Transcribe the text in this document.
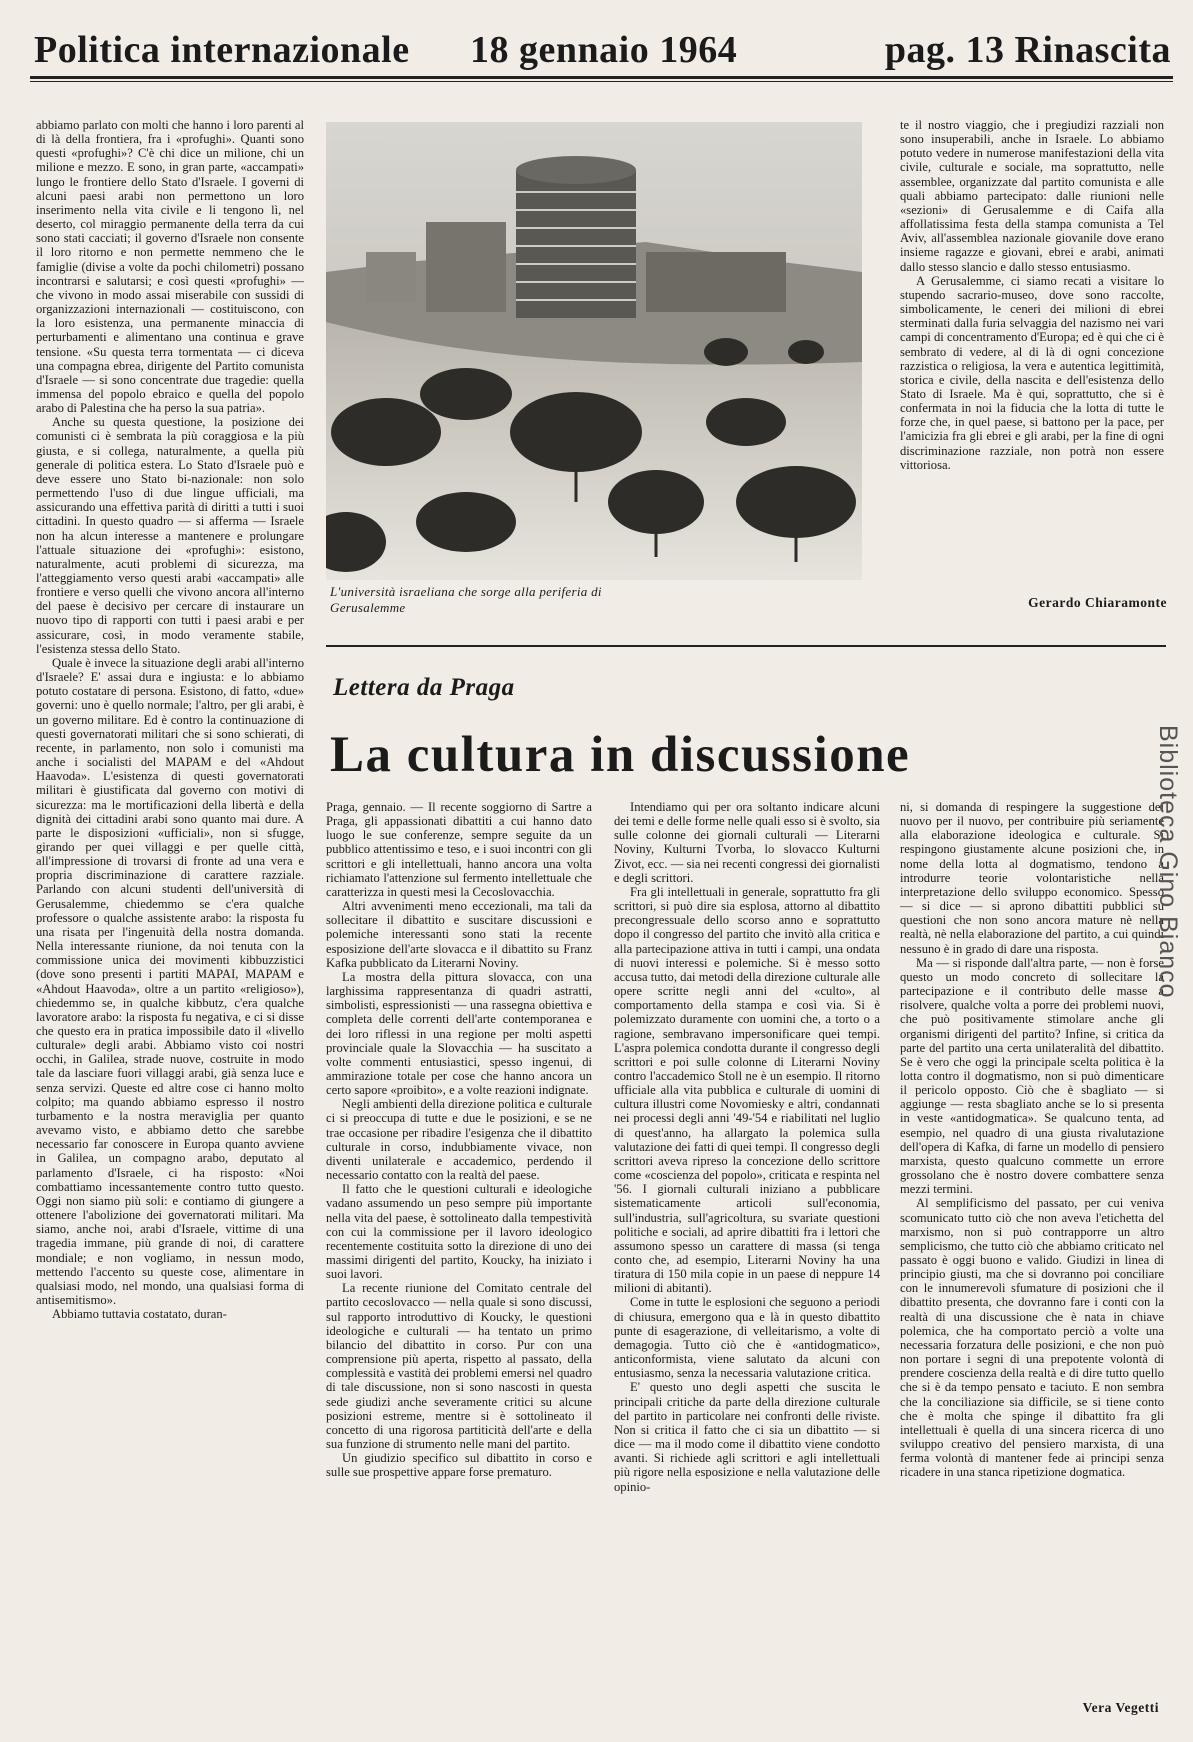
Politica internazionale 18 gennaio 1964	pag. 13 Rinascita

abbiamo parlato con molti che hanno i loro parenti al di là della frontiera, fra i «profughi». Quanti sono questi «profughi»? C'è chi dice un milione, chi un milione e mezzo. E sono, in gran parte, «accampati» lungo le frontiere dello Stato d'Israele. I governi di alcuni paesi arabi non permettono un loro inserimento nella vita civile e li tengono lì, nel deserto, col miraggio permanente della terra da cui sono stati cacciati; il governo d'Israele non consente il loro ritorno e non permette nemmeno che le famiglie (divise a volte da pochi chilometri) possano incontrarsi e salutarsi; e così questi «profughi» — che vivono in modo assai miserabile con sussidi di organizzazioni internazionali — costituiscono, con la loro esistenza, una permanente minaccia di perturbamenti e alimentano una continua e grave tensione. «Su questa terra tormentata — ci diceva una compagna ebrea, dirigente del Partito comunista d'Israele — si sono concentrate due tragedie: quella immensa del popolo ebraico e quella del popolo arabo di Palestina che ha perso la sua patria».

Anche su questa questione, la posizione dei comunisti ci è sembrata la più coraggiosa e la più giusta, e si collega, naturalmente, a quella più generale di politica estera. Lo Stato d'Israele può e deve essere uno Stato bi-nazionale: non solo permettendo l'uso di due lingue ufficiali, ma assicurando una effettiva parità di diritti a tutti i suoi cittadini. In questo quadro — si afferma — Israele non ha alcun interesse a mantenere e prolungare l'attuale situazione dei «profughi»: esistono, naturalmente, acuti problemi di sicurezza, ma l'atteggiamento verso questi arabi «accampati» alle frontiere e verso quelli che vivono ancora all'interno del paese è decisivo per cercare di instaurare un nuovo tipo di rapporti con tutti i paesi arabi e per assicurare, così, in modo veramente stabile, l'esistenza stessa dello Stato.

Quale è invece la situazione degli arabi all'interno d'Israele? E' assai dura e ingiusta: e lo abbiamo potuto costatare di persona. Esistono, di fatto, «due» governi: uno è quello normale; l'altro, per gli arabi, è un governo militare. Ed è contro la continuazione di questi governatorati militari che si sono schierati, di recente, in parlamento, non solo i comunisti ma anche i socialisti del MAPAM e del «Ahdout Haavoda». L'esistenza di questi governatorati militari è giustificata dal governo con motivi di sicurezza: ma le mortificazioni della libertà e della dignità dei cittadini arabi sono quanto mai dure. A parte le disposizioni «ufficiali», non si sfugge, girando per quei villaggi e per quelle città, all'impressione di trovarsi di fronte ad una vera e propria discriminazione di carattere razziale. Parlando con alcuni studenti dell'università di Gerusalemme, chiedemmo se c'era qualche professore o qualche assistente arabo: la risposta fu una risata per l'ingenuità della nostra domanda. Nella interessante riunione, da noi tenuta con la commissione unica dei movimenti kibbuzzistici (dove sono presenti i partiti MAPAI, MAPAM e «Ahdout Haavoda», oltre a un partito «religioso»), chiedemmo se, in qualche kibbutz, c'era qualche lavoratore arabo: la risposta fu negativa, e ci si disse che questo era in pratica impossibile dato il «livello culturale» degli arabi. Abbiamo visto coi nostri occhi, in Galilea, strade nuove, costruite in modo tale da lasciare fuori villaggi arabi, già senza luce e senza servizi. Queste ed altre cose ci hanno molto colpito; ma quando abbiamo espresso il nostro turbamento e la nostra meraviglia per quanto avevamo visto, e abbiamo detto che sarebbe necessario far conoscere in Europa quanto avviene in Galilea, un compagno arabo, deputato al parlamento d'Israele, ci ha risposto: «Noi combattiamo incessantemente contro tutto questo. Oggi non siamo più soli: e contiamo di giungere a ottenere l'abolizione dei governatorati militari. Ma siamo, anche noi, arabi d'Israele, vittime di una tragedia immane, più grande di noi, di carattere mondiale; e non vogliamo, in nessun modo, mettendo l'accento su queste cose, alimentare in qualsiasi modo, nel mondo, una qualsiasi forma di antisemitismo».

Abbiamo tuttavia costatato, duran-

L'università israeliana che sorge alla periferia di Gerusalemme

te il nostro viaggio, che i pregiudizi razziali non sono insuperabili, anche in Israele. Lo abbiamo potuto vedere in numerose manifestazioni della vita civile, culturale e sociale, ma soprattutto, nelle assemblee, organizzate dal partito comunista e alle quali abbiamo partecipato: dalle riunioni nelle «sezioni» di Gerusalemme e di Caifa alla affollatissima festa della stampa comunista a Tel Aviv, all'assemblea nazionale giovanile dove erano insieme ragazze e giovani, ebrei e arabi, animati dallo stesso slancio e dallo stesso entusiasmo.

A Gerusalemme, ci siamo recati a visitare lo stupendo sacrario-museo, dove sono raccolte, simbolicamente, le ceneri dei milioni di ebrei sterminati dalla furia selvaggia del nazismo nei vari campi di concentramento d'Europa; ed è qui che ci è sembrato di vedere, al di là di ogni concezione razzistica o religiosa, la vera e autentica legittimità, storica e civile, della nascita e dell'esistenza dello Stato di Israele. Ma è qui, soprattutto, che si è confermata in noi la fiducia che la lotta di tutte le forze che, in quel paese, si battono per la pace, per l'amicizia fra gli ebrei e gli arabi, per la fine di ogni discriminazione razziale, non potrà non essere vittoriosa.

Gerardo Chiaramonte
Lettera da Praga
La cultura in discussione

Praga, gennaio. — Il recente soggiorno di Sartre a Praga, gli appassionati dibattiti a cui hanno dato luogo le sue conferenze, sempre seguite da un pubblico attentissimo e teso, e i suoi incontri con gli scrittori e gli intellettuali, hanno ancora una volta richiamato l'attenzione sul fermento intellettuale che caratterizza in questi mesi la Cecoslovacchia.

Altri avvenimenti meno eccezionali, ma tali da sollecitare il dibattito e suscitare discussioni e polemiche interessanti sono stati la recente esposizione dell'arte slovacca e il dibattito su Franz Kafka pubblicato da Literarni Noviny.

La mostra della pittura slovacca, con una larghissima rappresentanza di quadri astratti, simbolisti, espressionisti — una rassegna obiettiva e completa delle correnti dell'arte contemporanea e dei loro riflessi in una regione per molti aspetti provinciale quale la Slovacchia — ha suscitato a volte commenti entusiastici, spesso ingenui, di ammirazione totale per cose che hanno ancora un certo sapore «proibito», e a volte reazioni indignate.

Negli ambienti della direzione politica e culturale ci si preoccupa di tutte e due le posizioni, e se ne trae occasione per ribadire l'esigenza che il dibattito culturale in corso, indubbiamente vivace, non diventi unilaterale e accademico, perdendo il necessario contatto con la realtà del paese.

Il fatto che le questioni culturali e ideologiche vadano assumendo un peso sempre più importante nella vita del paese, è sottolineato dalla tempestività con cui la commissione per il lavoro ideologico recentemente costituita sotto la direzione di uno dei massimi dirigenti del partito, Koucky, ha iniziato i suoi lavori.

La recente riunione del Comitato centrale del partito cecoslovacco — nella quale si sono discussi, sul rapporto introduttivo di Koucky, le questioni ideologiche e culturali — ha tentato un primo bilancio del dibattito in corso. Pur con una comprensione più aperta, rispetto al passato, della complessità e vastità dei problemi emersi nel quadro di tale discussione, non si sono nascosti in questa sede giudizi anche severamente critici su alcune posizioni estreme, mentre si è sottolineato il concetto di una rigorosa partiticità dell'arte e della sua funzione di strumento nelle mani del partito.

Un giudizio specifico sul dibattito in corso e sulle sue prospettive appare forse prematuro.

Intendiamo qui per ora soltanto indicare alcuni dei temi e delle forme nelle quali esso si è svolto, sia sulle colonne dei giornali culturali — Literarni Noviny, Kulturni Tvorba, lo slovacco Kulturni Zivot, ecc. — sia nei recenti congressi dei giornalisti e degli scrittori.

Fra gli intellettuali in generale, soprattutto fra gli scrittori, si può dire sia esplosa, attorno al dibattito precongressuale dello scorso anno e soprattutto dopo il congresso del partito che invitò alla critica e alla partecipazione attiva in tutti i campi, una ondata di nuovi interessi e polemiche. Si è messo sotto accusa tutto, dai metodi della direzione culturale alle opere scritte negli anni del «culto», al comportamento della stampa e così via. Si è polemizzato duramente con uomini che, a torto o a ragione, sembravano impersonificare quei tempi. L'aspra polemica condotta durante il congresso degli scrittori e poi sulle colonne di Literarni Noviny contro l'accademico Stoll ne è un esempio. Il ritorno ufficiale alla vita pubblica e culturale di uomini di cultura illustri come Novomiesky e altri, condannati nei processi degli anni '49-'54 e riabilitati nel luglio di quest'anno, ha allargato la polemica sulla valutazione dei fatti di quei tempi. Il congresso degli scrittori aveva ripreso la concezione dello scrittore come «coscienza del popolo», criticata e respinta nel '56. I giornali culturali iniziano a pubblicare sistematicamente articoli sull'economia, sull'industria, sull'agricoltura, su svariate questioni politiche e sociali, ad aprire dibattiti fra i lettori che assumono spesso un carattere di massa (si tenga conto che, ad esempio, Literarni Noviny ha una tiratura di 150 mila copie in un paese di neppure 14 milioni di abitanti).

Come in tutte le esplosioni che seguono a periodi di chiusura, emergono qua e là in questo dibattito punte di esagerazione, di velleitarismo, a volte di demagogia. Tutto ciò che è «antidogmatico», anticonformista, viene salutato da alcuni con entusiasmo, senza la necessaria valutazione critica.

E' questo uno degli aspetti che suscita le principali critiche da parte della direzione culturale del partito in particolare nei confronti delle riviste. Non si critica il fatto che ci sia un dibattito — si dice — ma il modo come il dibattito viene condotto avanti. Si richiede agli scrittori e agli intellettuali più rigore nella esposizione e nella valutazione delle opinio-

ni, si domanda di respingere la suggestione del nuovo per il nuovo, per contribuire più seriamente alla elaborazione ideologica e culturale. Si respingono giustamente alcune posizioni che, in nome della lotta al dogmatismo, tendono a introdurre teorie volontaristiche nella interpretazione dello sviluppo economico. Spesso — si dice — si aprono dibattiti pubblici su questioni che non sono ancora mature nè nella realtà, nè nella elaborazione del partito, a cui quindi nessuno è in grado di dare una risposta.

Ma — si risponde dall'altra parte, — non è forse questo un modo concreto di sollecitare la partecipazione e il contributo delle masse a risolvere, qualche volta a porre dei problemi nuovi, che può positivamente stimolare anche gli organismi dirigenti del partito? Infine, si critica da parte del partito una certa unilateralità del dibattito. Se è vero che oggi la principale scelta politica è la lotta contro il dogmatismo, non si può dimenticare il pericolo opposto. Ciò che è sbagliato — si aggiunge — resta sbagliato anche se lo si presenta in veste «antidogmatica». Se qualcuno tenta, ad esempio, nel quadro di una giusta rivalutazione dell'opera di Kafka, di farne un modello di pensiero marxista, questo qualcuno commette un errore grossolano che è nostro dovere combattere senza mezzi termini.

Al semplificismo del passato, per cui veniva scomunicato tutto ciò che non aveva l'etichetta del marxismo, non si può contrapporre un altro semplicismo, che tutto ciò che abbiamo criticato nel passato è oggi buono e valido. Giudizi in linea di principio giusti, ma che si dovranno poi conciliare con le innumerevoli sfumature di posizioni che il dibattito presenta, che dovranno fare i conti con la realtà di una discussione che è nata in chiave polemica, che ha comportato perciò a volte una necessaria forzatura delle posizioni, e che non può non portare i segni di una prepotente volontà di prendere coscienza della realtà e di dire tutto quello che si è da tempo pensato e taciuto. E non sembra che la conciliazione sia difficile, se si tiene conto che è molta che spinge il dibattito fra gli intellettuali è quella di una sincera ricerca di uno sviluppo creativo del pensiero marxista, di una ferma volontà di mantener fede ai principi senza ricadere in una stanca ripetizione dogmatica.

Vera Vegetti
Biblioteca Gino Bianco
